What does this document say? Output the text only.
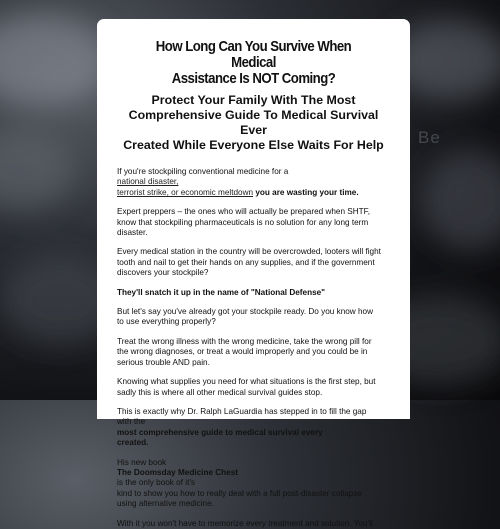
Be
How Long Can You Survive When Medical
Assistance Is NOT Coming?
Protect Your Family With The Most
Comprehensive Guide To Medical Survival Ever
Created While Everyone Else Waits For Help

If you're stockpiling conventional medicine for a
national disaster,
terrorist strike, or economic meltdown you are wasting your time.

Expert preppers – the ones who will actually be prepared when SHTF,
know that stockpiling pharmaceuticals is no solution for any long term
disaster.

Every medical station in the country will be overcrowded, looters will fight
tooth and nail to get their hands on any supplies, and if the government
discovers your stockpile?

They'll snatch it up in the name of "National Defense"

But let's say you've already got your stockpile ready. Do you know how
to use everything properly?

Treat the wrong illness with the wrong medicine, take the wrong pill for
the wrong diagnoses, or treat a would improperly and you could be in
serious trouble AND pain.

Knowing what supplies you need for what situations is the first step, but
sadly this is where all other medical survival guides stop.

This is exactly why Dr. Ralph LaGuardia has stepped in to fill the gap
with the
most comprehensive guide to medical survival every
created.

His new book
The Doomsday Medicine Chest
is the only book of it's
kind to show you how to really deal with a full post-disaster collapse
using alternative medicine.

With it you won't have to memorize every treatment and solution. You'll
